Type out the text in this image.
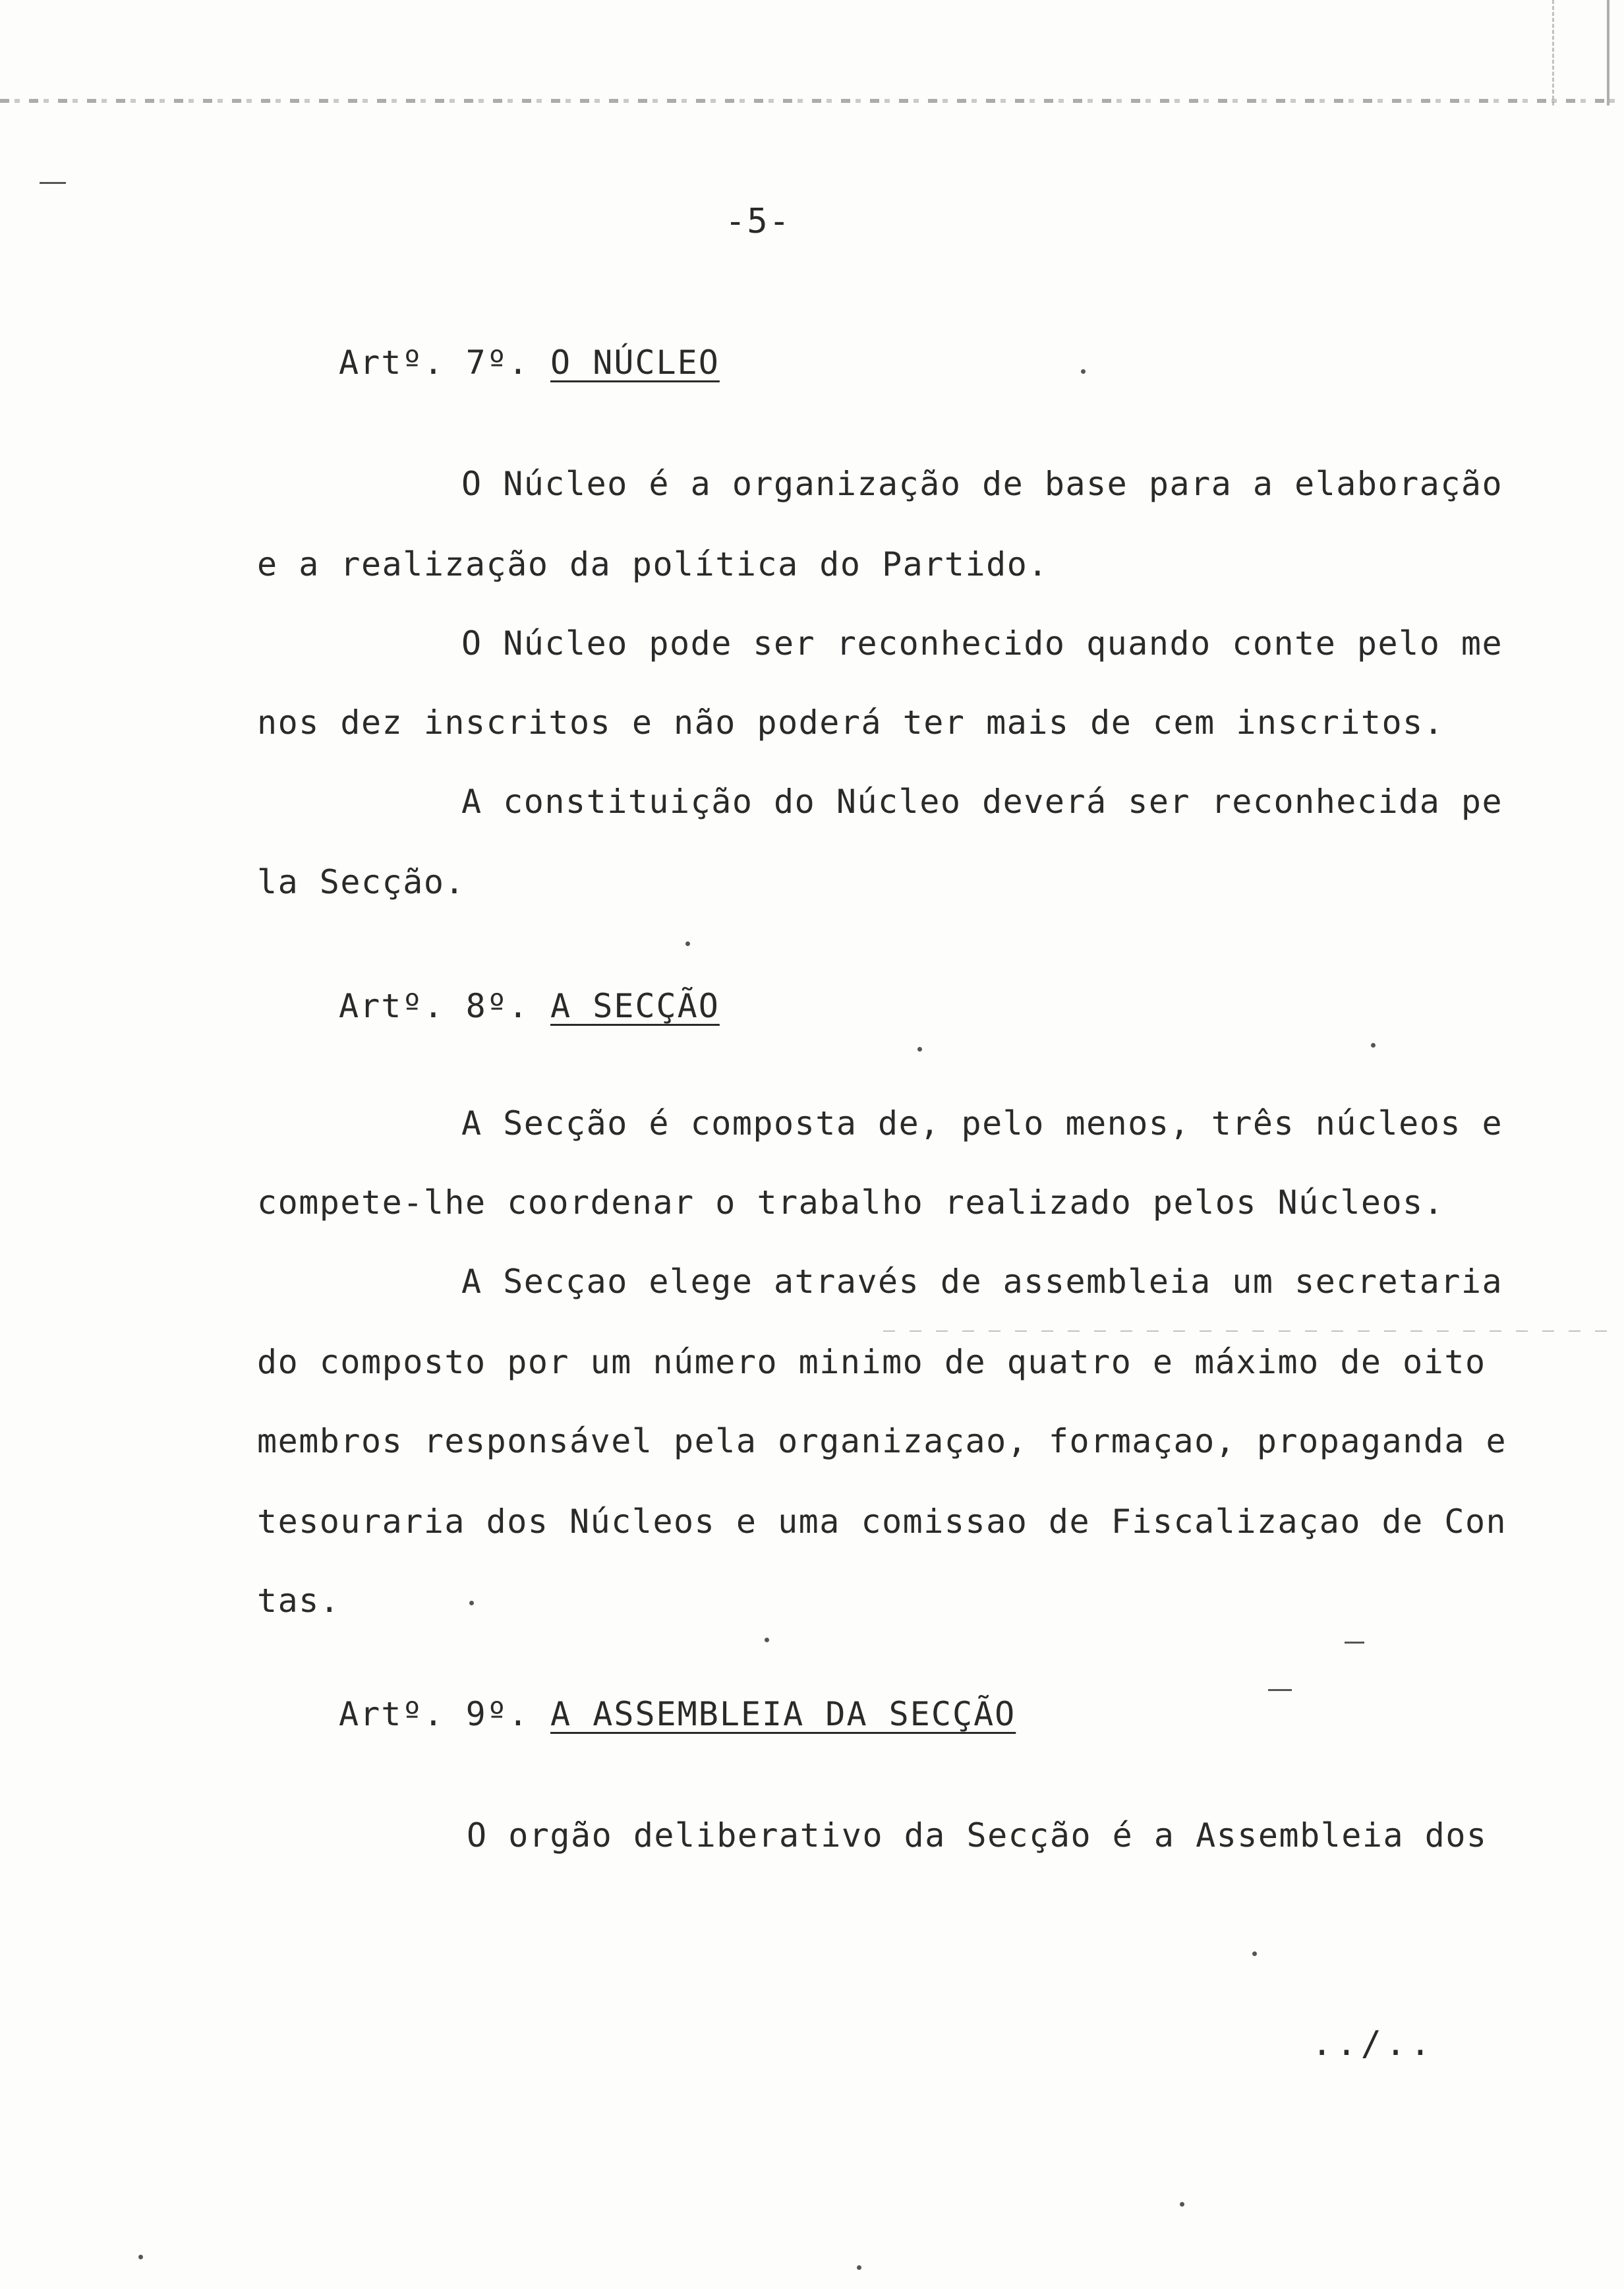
-5-
Artº. 7º. O NÚCLEO
O Núcleo é a organização de base para a elaboração
e a realização da política do Partido.
O Núcleo pode ser reconhecido quando conte pelo me
nos dez inscritos e não poderá ter mais de cem inscritos.
A constituição do Núcleo deverá ser reconhecida pe
la Secção.
Artº. 8º. A SECÇÃO
A Secção é composta de, pelo menos, três núcleos e
compete-lhe coordenar o trabalho realizado pelos Núcleos.
A Secçao elege através de assembleia um secretaria
do composto por um número minimo de quatro e máximo de oito
membros responsável pela organizaçao, formaçao, propaganda e
tesouraria dos Núcleos e uma comissao de Fiscalizaçao de Con
tas.
Artº. 9º. A ASSEMBLEIA DA SECÇÃO
O orgão deliberativo da Secção é a Assembleia dos
../..
